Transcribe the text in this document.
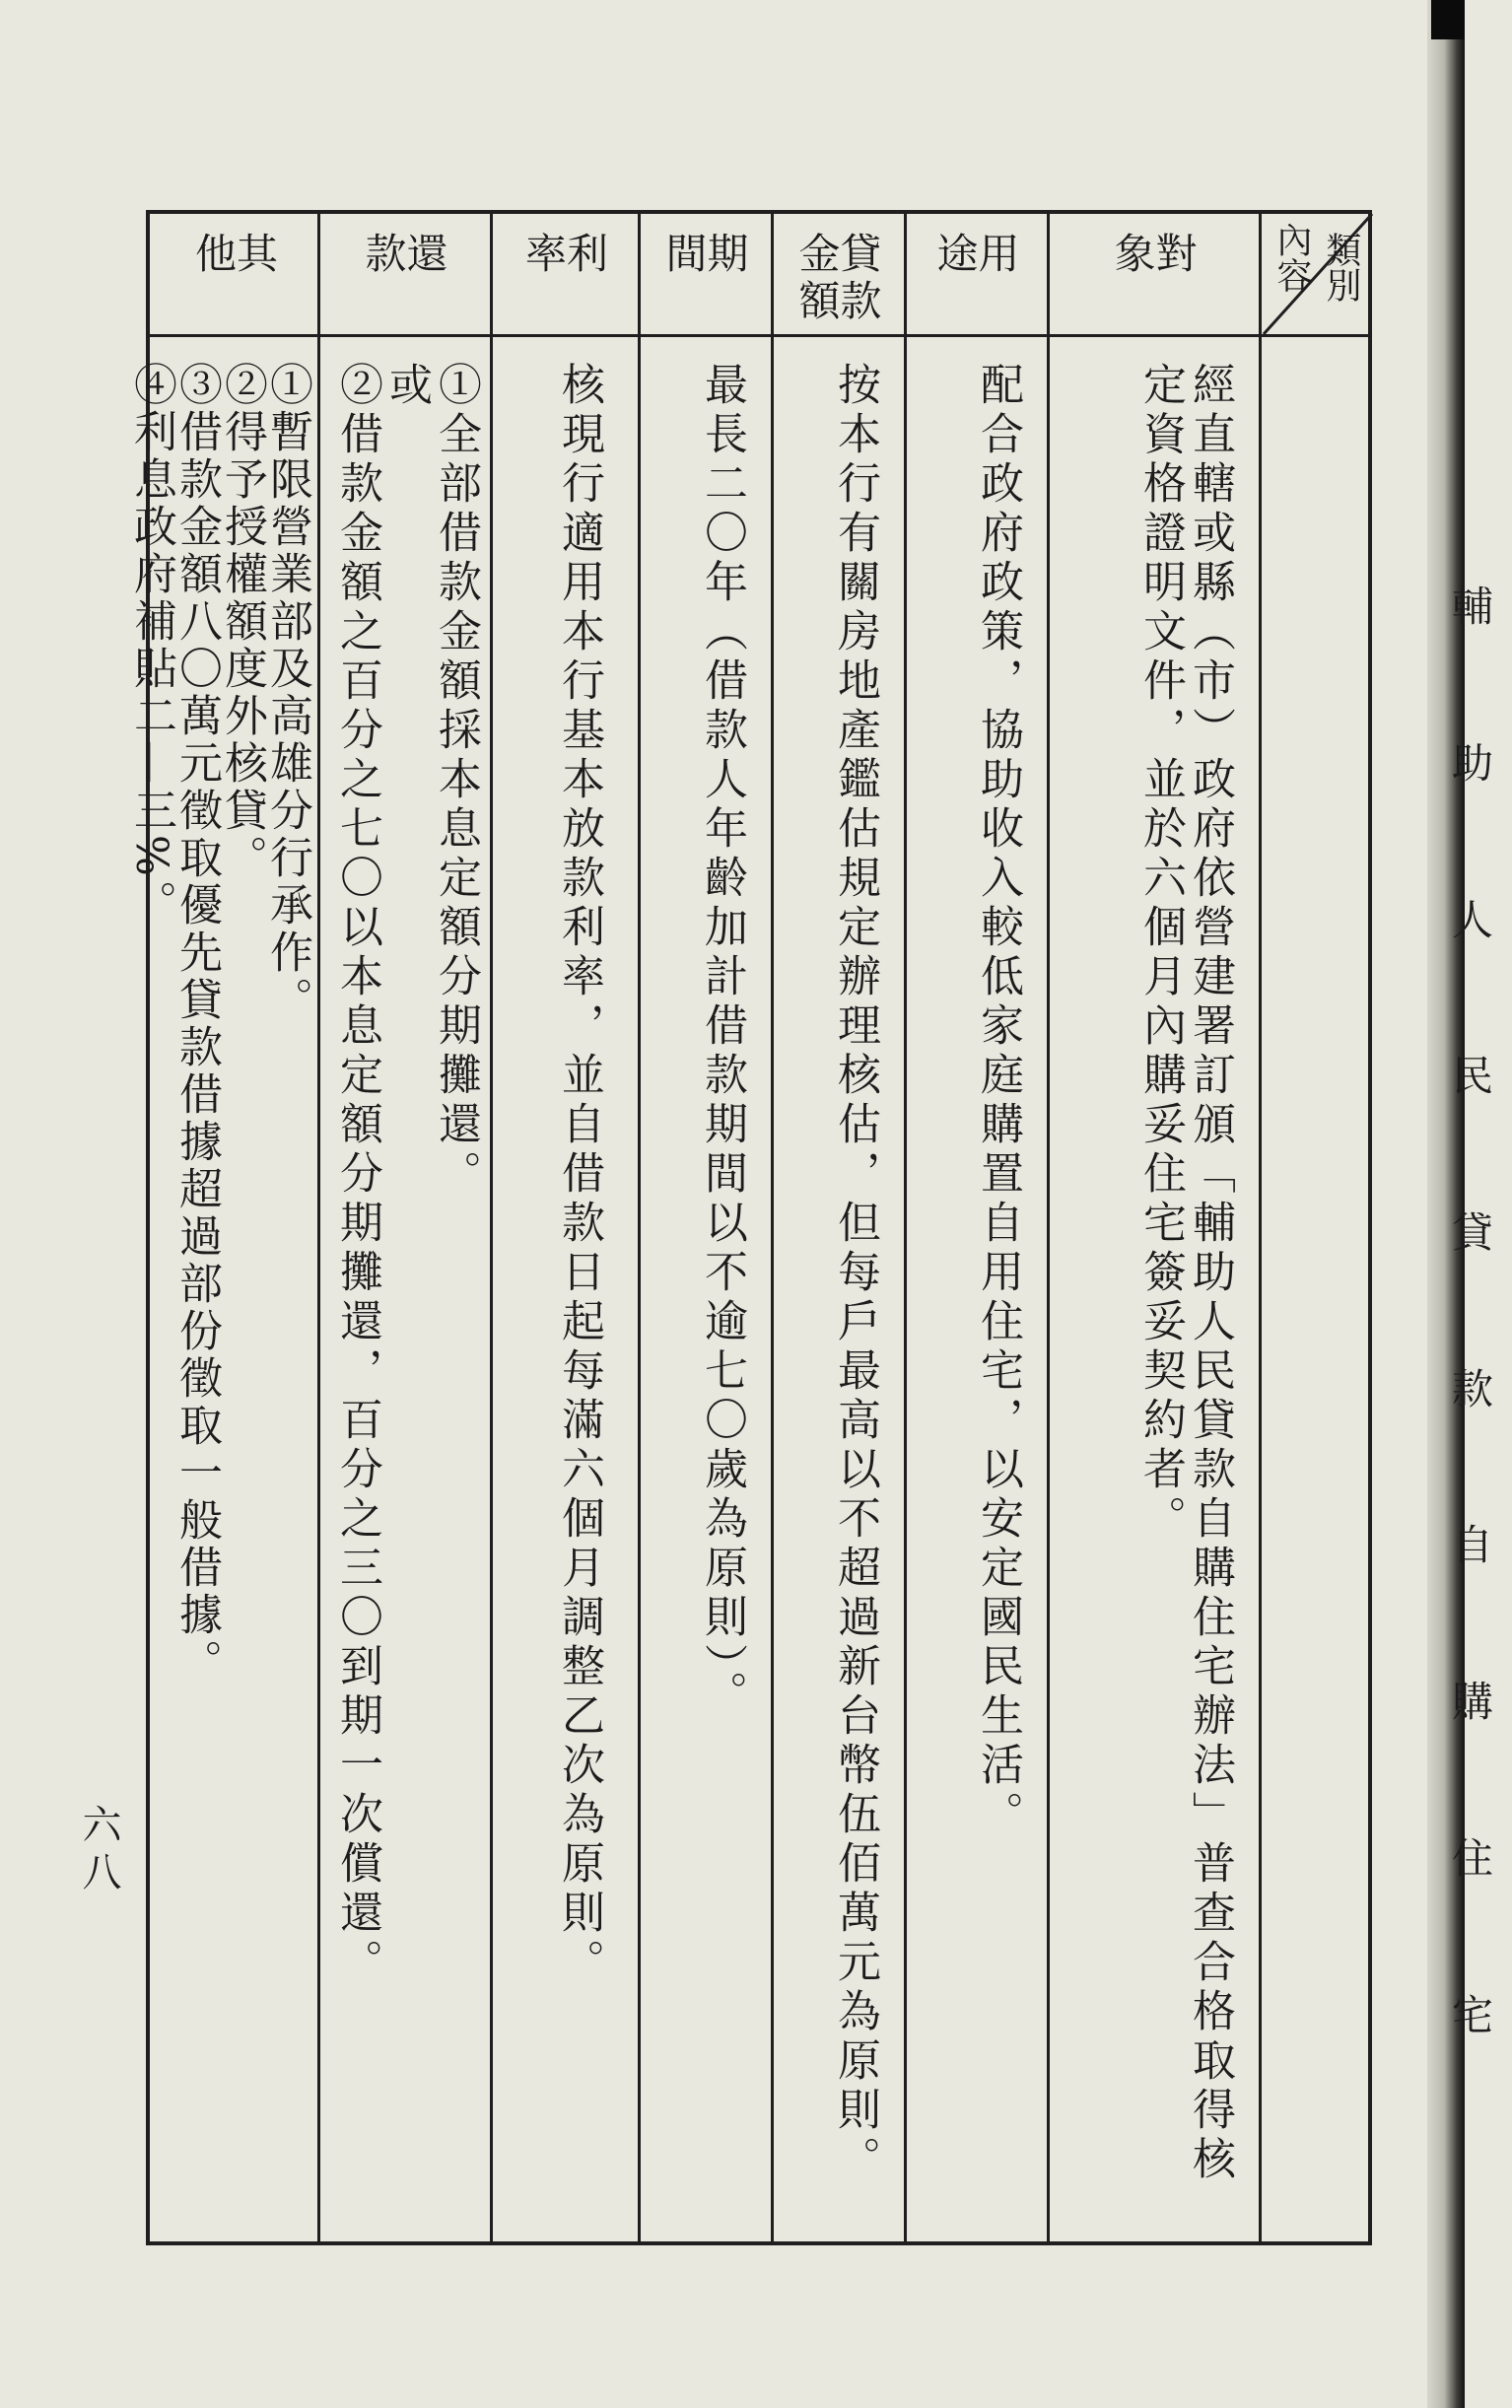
類別
內容
對象
用途
貸款金額
期間
利率
還款
其他
經直轄或縣（市）政府依營建署訂頒「輔助人民貸款自購住宅辦法」普查合格取得核定資格證明文件，並於六個月內購妥住宅簽妥契約者。
配合政府政策，協助收入較低家庭購置自用住宅，以安定國民生活。
按本行有關房地產鑑估規定辦理核估，但每戶最高以不超過新台幣伍佰萬元為原則。
最長二〇年（借款人年齡加計借款期間以不逾七〇歲為原則）。
核現行適用本行基本放款利率，並自借款日起每滿六個月調整乙次為原則。
①全部借款金額採本息定額分期攤還。
或
②借款金額之百分之七〇以本息定額分期攤還，百分之三〇到期一次償還。
①暫限營業部及高雄分行承作。
②得予授權額度外核貸。
③借款金額八〇萬元徵取優先貸款借據超過部份徵取一般借據。
④利息政府補貼二—三%。	輔
助
人
民
貸
款
自
購
住
宅
六八
